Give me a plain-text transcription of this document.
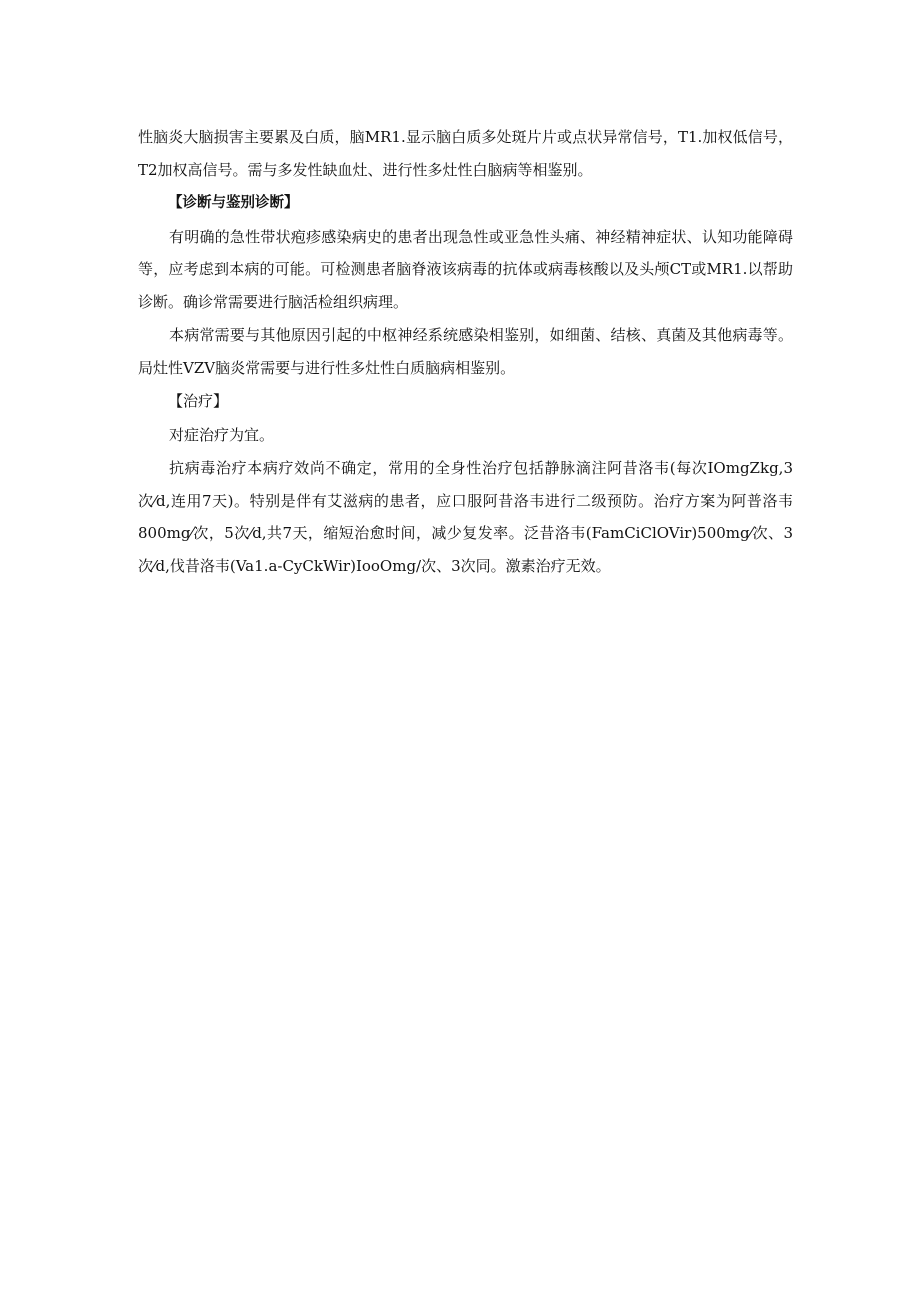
性脑炎大脑损害主要累及白质，脑MR1.显示脑白质多处斑片片或点状异常信号，T1.加权低信号，T2加权高信号。需与多发性缺血灶、进行性多灶性白脑病等相鉴别。

【诊断与鉴别诊断】

有明确的急性带状疱疹感染病史的患者出现急性或亚急性头痛、神经精神症状、认知功能障碍等，应考虑到本病的可能。可检测患者脑脊液该病毒的抗体或病毒核酸以及头颅CT或MR1.以帮助诊断。确诊常需要进行脑活检组织病理。

本病常需要与其他原因引起的中枢神经系统感染相鉴别，如细菌、结核、真菌及其他病毒等。局灶性VZV脑炎常需要与进行性多灶性白质脑病相鉴别。

【治疗】

对症治疗为宜。

抗病毒治疗本病疗效尚不确定，常用的全身性治疗包括静脉滴注阿昔洛韦(每次IOmgZkg,3次⁄d,连用7天)。特别是伴有艾滋病的患者，应口服阿昔洛韦进行二级预防。治疗方案为阿普洛韦800mg⁄次，5次⁄d,共7天，缩短治愈时间，减少复发率。泛昔洛韦(FamCiClOVir)500mg⁄次、3次⁄d,伐昔洛韦(Va1.a-CyCkWir)IooOmg/次、3次同。激素治疗无效。
